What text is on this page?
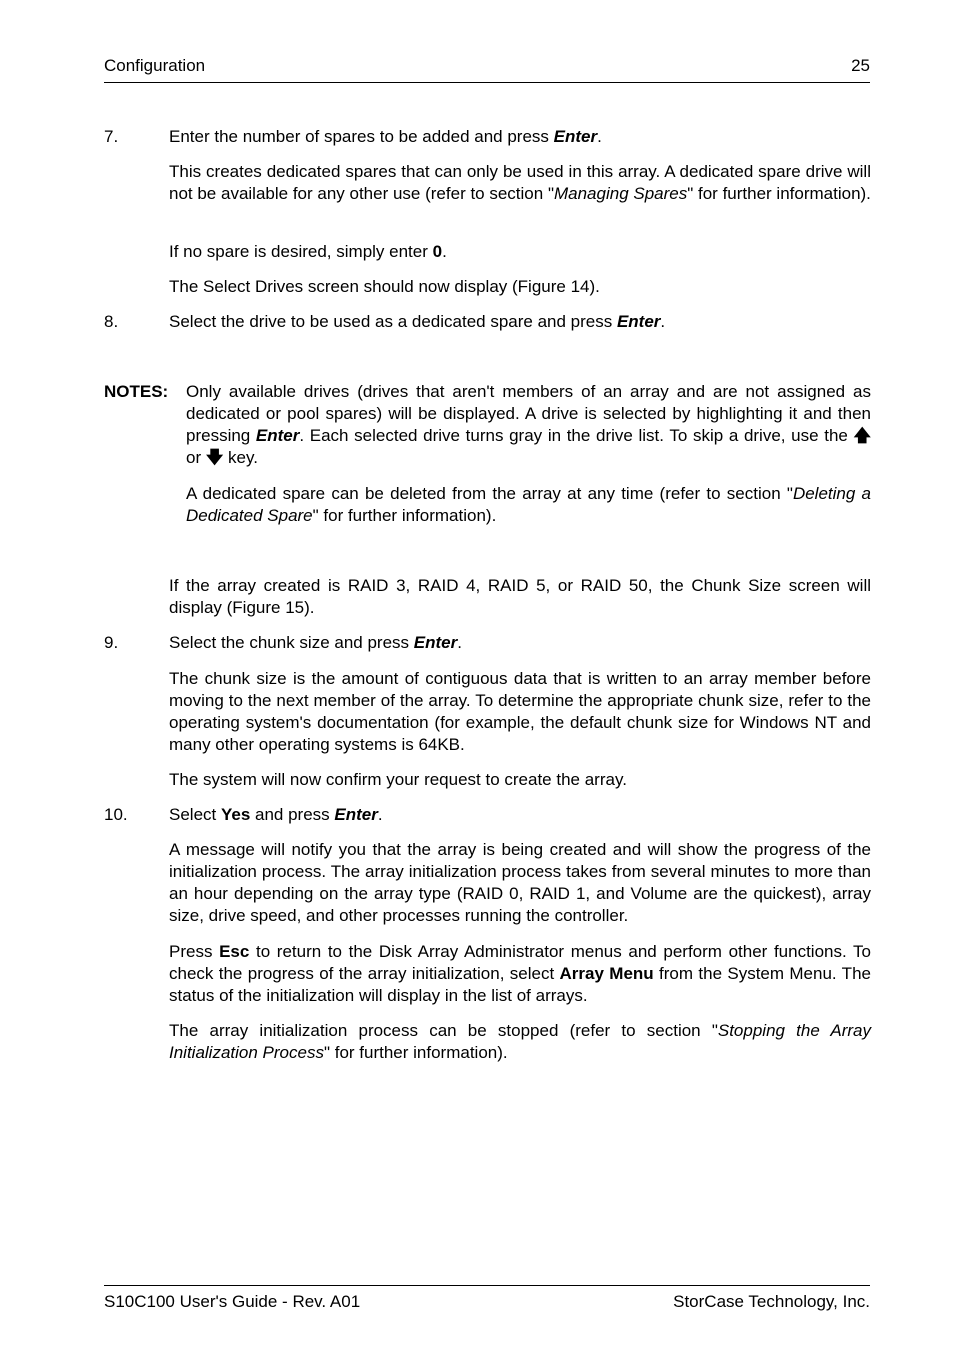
Configuration	25
7.	Enter the number of spares to be added and press Enter.
This creates dedicated spares that can only be used in this array. A dedicated spare drive will not be available for any other use (refer to section "Managing Spares" for further information).
If no spare is desired, simply enter 0.
The Select Drives screen should now display (Figure 14).
8.	Select the drive to be used as a dedicated spare and press Enter.
NOTES: Only available drives (drives that aren't members of an array and are not assigned as dedicated or pool spares) will be displayed. A drive is selected by highlighting it and then pressing Enter. Each selected drive turns gray in the drive list. To skip a drive, use the 🡅 or 🡇 key.
A dedicated spare can be deleted from the array at any time (refer to section "Deleting a Dedicated Spare" for further information).
If the array created is RAID 3, RAID 4, RAID 5, or RAID 50, the Chunk Size screen will display (Figure 15).
9.	Select the chunk size and press Enter.
The chunk size is the amount of contiguous data that is written to an array member before moving to the next member of the array. To determine the appropriate chunk size, refer to the operating system's documentation (for example, the default chunk size for Windows NT and many other operating systems is 64KB.
The system will now confirm your request to create the array.
10. Select Yes and press Enter.
A message will notify you that the array is being created and will show the progress of the initialization process. The array initialization process takes from several minutes to more than an hour depending on the array type (RAID 0, RAID 1, and Volume are the quickest), array size, drive speed, and other processes running the controller.
Press Esc to return to the Disk Array Administrator menus and perform other functions. To check the progress of the array initialization, select Array Menu from the System Menu. The status of the initialization will display in the list of arrays.
The array initialization process can be stopped (refer to section "Stopping the Array Initialization Process" for further information).
S10C100 User's Guide - Rev. A01	StorCase Technology, Inc.
